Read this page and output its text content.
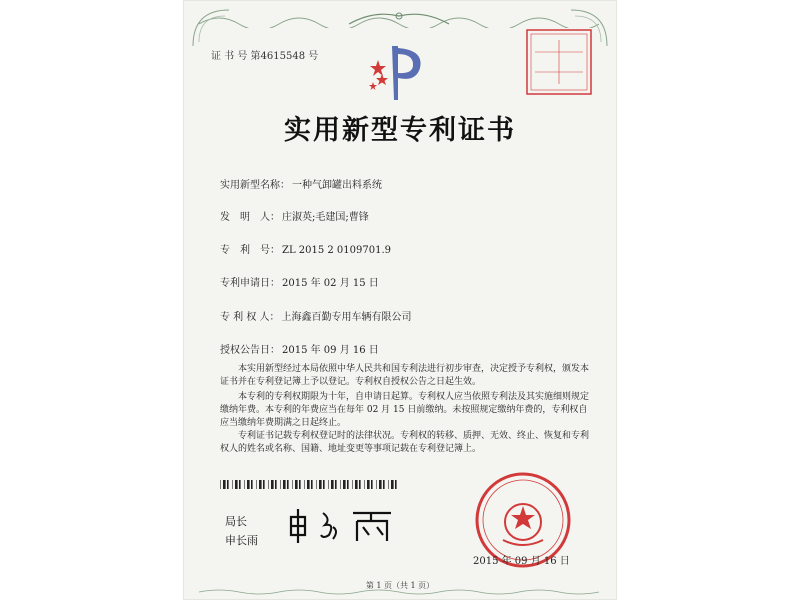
证 书 号 第4615548 号
实用新型专利证书
实用新型名称： 一种气卸罐出料系统
发　明　人： 庄淑英;毛建国;曹锋
专　利　号： ZL 2015 2 0109701.9
专利申请日： 2015 年 02 月 15 日
专 利 权 人： 上海鑫百勤专用车辆有限公司
授权公告日： 2015 年 09 月 16 日
本实用新型经过本局依照中华人民共和国专利法进行初步审查，决定授予专利权，颁发本证书并在专利登记簿上予以登记。专利权自授权公告之日起生效。
本专利的专利权期限为十年，自申请日起算。专利权人应当依照专利法及其实施细则规定缴纳年费。本专利的年费应当在每年 02 月 15 日前缴纳。未按照规定缴纳年费的，专利权自应当缴纳年费期满之日起终止。
专利证书记载专利权登记时的法律状况。专利权的转移、质押、无效、终止、恢复和专利权人的姓名或名称、国籍、地址变更等事项记载在专利登记簿上。
局长
申长雨
2015 年 09 月 16 日
第 1 页（共 1 页）
